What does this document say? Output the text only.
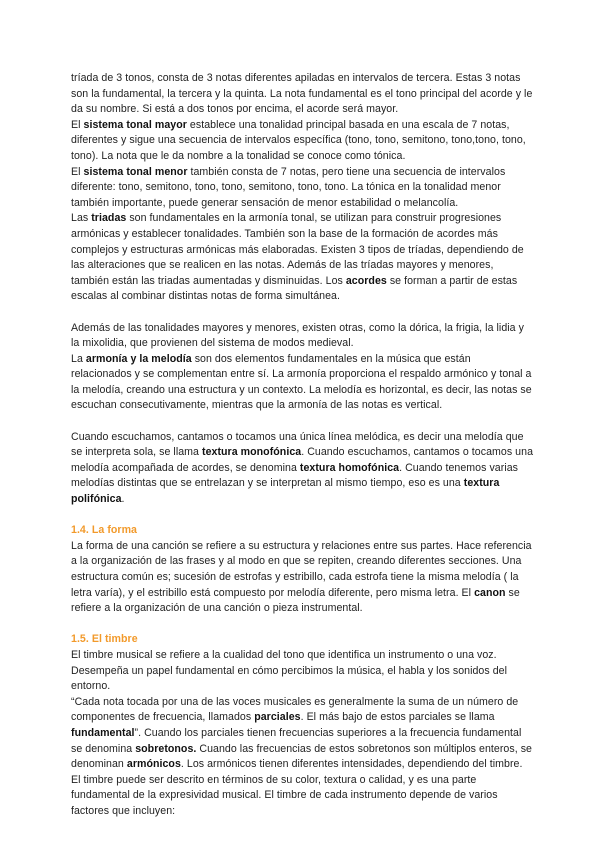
tríada de 3 tonos, consta de 3 notas diferentes apiladas en intervalos de tercera. Estas 3 notas son la fundamental, la tercera y la quinta. La nota fundamental es el tono principal del acorde y le da su nombre. Si está a dos tonos por encima, el acorde será mayor.

El sistema tonal mayor establece una tonalidad principal basada en una escala de 7 notas, diferentes y sigue una secuencia de intervalos específica (tono, tono, semitono, tono,tono, tono, tono). La nota que le da nombre a la tonalidad se conoce como tónica.

El sistema tonal menor también consta de 7 notas, pero tiene una secuencia de intervalos diferente: tono, semitono, tono, tono, semitono, tono, tono. La tónica en la tonalidad menor también importante, puede generar sensación de menor estabilidad o melancolía.

Las triadas son fundamentales en la armonía tonal, se utilizan para construir progresiones armónicas y establecer tonalidades. También son la base de la formación de acordes más complejos y estructuras armónicas más elaboradas. Existen 3 tipos de tríadas, dependiendo de las alteraciones que se realicen en las notas. Además de las tríadas mayores y menores, también están las triadas aumentadas y disminuidas. Los acordes se forman a partir de estas escalas al combinar distintas notas de forma simultánea.

Además de las tonalidades mayores y menores, existen otras, como la dórica, la frigia, la lidia y la mixolidia, que provienen del sistema de modos medieval.

La armonía y la melodía son dos elementos fundamentales en la música que están relacionados y se complementan entre sí. La armonía proporciona el respaldo armónico y tonal a la melodía, creando una estructura y un contexto. La melodía es horizontal, es decir, las notas se escuchan consecutivamente, mientras que la armonía de las notas es vertical.

Cuando escuchamos, cantamos o tocamos una única línea melódica, es decir una melodía que se interpreta sola, se llama textura monofónica. Cuando escuchamos, cantamos o tocamos una melodía acompañada de acordes, se denomina textura homofónica. Cuando tenemos varias melodías distintas que se entrelazan y se interpretan al mismo tiempo, eso es una textura polifónica.

1.4. La forma

La forma de una canción se refiere a su estructura y relaciones entre sus partes. Hace referencia a la organización de las frases y al modo en que se repiten, creando diferentes secciones. Una estructura común es; sucesión de estrofas y estribillo, cada estrofa tiene la misma melodía ( la letra varía), y el estribillo está compuesto por melodía diferente, pero misma letra. El canon se refiere a la organización de una canción o pieza instrumental.

1.5. El timbre

El timbre musical se refiere a la cualidad del tono que identifica un instrumento o una voz. Desempeña un papel fundamental en cómo percibimos la música, el habla y los sonidos del entorno.

“Cada nota tocada por una de las voces musicales es generalmente la suma de un número de componentes de frecuencia, llamados parciales. El más bajo de estos parciales se llama fundamental”. Cuando los parciales tienen frecuencias superiores a la frecuencia fundamental se denomina sobretonos. Cuando las frecuencias de estos sobretonos son múltiplos enteros, se denominan armónicos. Los armónicos tienen diferentes intensidades, dependiendo del timbre. El timbre puede ser descrito en términos de su color, textura o calidad, y es una parte fundamental de la expresividad musical. El timbre de cada instrumento depende de varios factores que incluyen:
